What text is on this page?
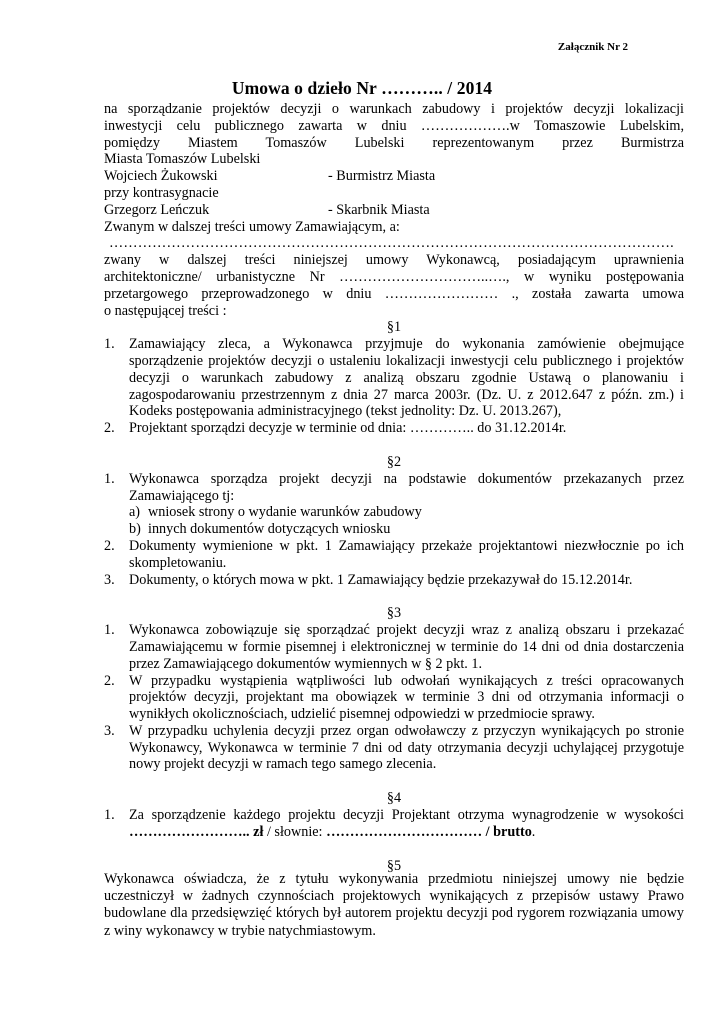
Załącznik Nr 2
Umowa o dzieło Nr ……….. / 2014
na sporządzanie projektów decyzji o warunkach zabudowy i projektów decyzji lokalizacji
inwestycji celu publicznego zawarta w dniu ……………….w Tomaszowie Lubelskim,
pomiędzy Miastem Tomaszów Lubelski reprezentowanym przez Burmistrza
Miasta Tomaszów Lubelski
Wojciech Żukowski	- Burmistrz Miasta
przy kontrasygnacie
Grzegorz Leńczuk	- Skarbnik Miasta
Zwanym w dalszej treści umowy Zamawiającym, a:
……………………………………………………………………………………………………….
zwany w dalszej treści niniejszej umowy Wykonawcą, posiadającym uprawnienia
architektoniczne/ urbanistyczne Nr …………………………..…., w wyniku postępowania
przetargowego przeprowadzonego w dniu …………………… ., została zawarta umowa
o następującej treści :
§1
1. Zamawiający zleca, a Wykonawca przyjmuje do wykonania zamówienie obejmujące sporządzenie projektów decyzji o ustaleniu lokalizacji inwestycji celu publicznego i projektów decyzji o warunkach zabudowy z analizą obszaru zgodnie Ustawą o planowaniu i zagospodarowaniu przestrzennym z dnia 27 marca 2003r. (Dz. U. z 2012.647 z późn. zm.) i Kodeks postępowania administracyjnego (tekst jednolity: Dz. U. 2013.267),
2. Projektant sporządzi decyzje w terminie od dnia: ………….. do 31.12.2014r.
§2
1. Wykonawca sporządza projekt decyzji na podstawie dokumentów przekazanych przez Zamawiającego tj:
a) wniosek strony o wydanie warunków zabudowy
b) innych dokumentów dotyczących wniosku
2. Dokumenty wymienione w pkt. 1 Zamawiający przekaże projektantowi niezwłocznie po ich skompletowaniu.
3. Dokumenty, o których mowa w pkt. 1 Zamawiający będzie przekazywał do 15.12.2014r.
§3
1. Wykonawca zobowiązuje się sporządzać projekt decyzji wraz z analizą obszaru i przekazać Zamawiającemu w formie pisemnej i elektronicznej w terminie do 14 dni od dnia dostarczenia przez Zamawiającego dokumentów wymiennych w § 2 pkt. 1.
2. W przypadku wystąpienia wątpliwości lub odwołań wynikających z treści opracowanych projektów decyzji, projektant ma obowiązek w terminie 3 dni od otrzymania informacji o wynikłych okolicznościach, udzielić pisemnej odpowiedzi w przedmiocie sprawy.
3. W przypadku uchylenia decyzji przez organ odwoławczy z przyczyn wynikających po stronie Wykonawcy, Wykonawca w terminie 7 dni od daty otrzymania decyzji uchylającej przygotuje nowy projekt decyzji w ramach tego samego zlecenia.
§4
1. Za sporządzenie każdego projektu decyzji Projektant otrzyma wynagrodzenie w wysokości
…………………….. zł / słownie: …………………………… / brutto.
§5
Wykonawca oświadcza, że z tytułu wykonywania przedmiotu niniejszej umowy nie będzie uczestniczył w żadnych czynnościach projektowych wynikających z przepisów ustawy Prawo budowlane dla przedsięwzięć których był autorem projektu decyzji pod rygorem rozwiązania umowy z winy wykonawcy w trybie natychmiastowym.
